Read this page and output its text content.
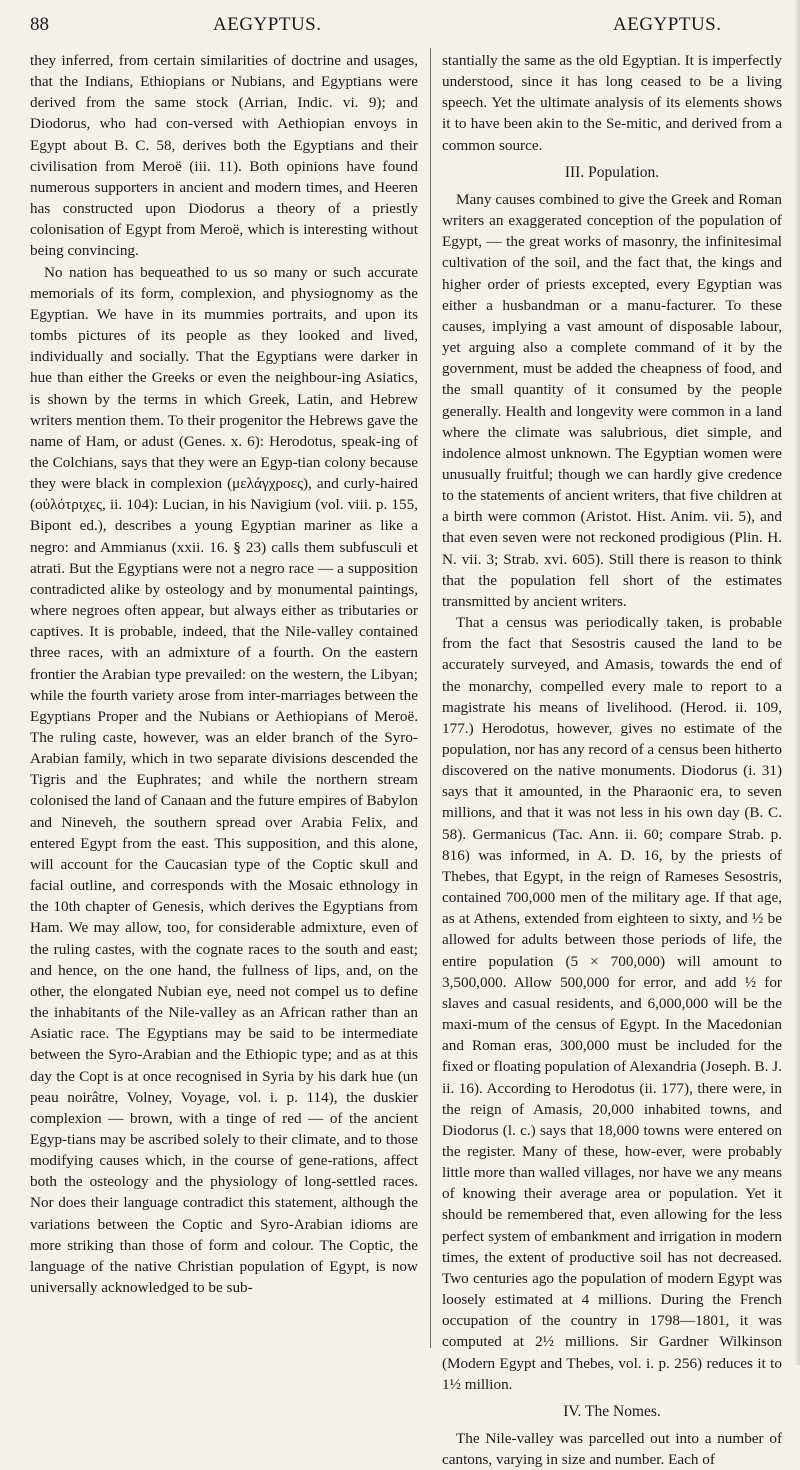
88	AEGYPTUS.	AEGYPTUS.

they inferred, from certain similarities of doctrine and usages, that the Indians, Ethiopians or Nubians, and Egyptians were derived from the same stock (Arrian, Indic. vi. 9); and Diodorus, who had con-versed with Aethiopian envoys in Egypt about B. C. 58, derives both the Egyptians and their civilisation from Meroë (iii. 11). Both opinions have found numerous supporters in ancient and modern times, and Heeren has constructed upon Diodorus a theory of a priestly colonisation of Egypt from Meroë, which is interesting without being convincing.

No nation has bequeathed to us so many or such accurate memorials of its form, complexion, and physiognomy as the Egyptian. We have in its mummies portraits, and upon its tombs pictures of its people as they looked and lived, individually and socially. That the Egyptians were darker in hue than either the Greeks or even the neighbour-ing Asiatics, is shown by the terms in which Greek, Latin, and Hebrew writers mention them. To their progenitor the Hebrews gave the name of Ham, or adust (Genes. x. 6): Herodotus, speak-ing of the Colchians, says that they were an Egyp-tian colony because they were black in complexion (μελάγχροες), and curly-haired (οὐλότριχες, ii. 104): Lucian, in his Navigium (vol. viii. p. 155, Bipont ed.), describes a young Egyptian mariner as like a negro: and Ammianus (xxii. 16. § 23) calls them subfusculi et atrati. But the Egyptians were not a negro race — a supposition contradicted alike by osteology and by monumental paintings, where negroes often appear, but always either as tributaries or captives. It is probable, indeed, that the Nile-valley contained three races, with an admixture of a fourth. On the eastern frontier the Arabian type prevailed: on the western, the Libyan; while the fourth variety arose from inter-marriages between the Egyptians Proper and the Nubians or Aethiopians of Meroë. The ruling caste, however, was an elder branch of the Syro-Arabian family, which in two separate divisions descended the Tigris and the Euphrates; and while the northern stream colonised the land of Canaan and the future empires of Babylon and Nineveh, the southern spread over Arabia Felix, and entered Egypt from the east. This supposition, and this alone, will account for the Caucasian type of the Coptic skull and facial outline, and corresponds with the Mosaic ethnology in the 10th chapter of Genesis, which derives the Egyptians from Ham. We may allow, too, for considerable admixture, even of the ruling castes, with the cognate races to the south and east; and hence, on the one hand, the fullness of lips, and, on the other, the elongated Nubian eye, need not compel us to define the inhabitants of the Nile-valley as an African rather than an Asiatic race. The Egyptians may be said to be intermediate between the Syro-Arabian and the Ethiopic type; and as at this day the Copt is at once recognised in Syria by his dark hue (un peau noirâtre, Volney, Voyage, vol. i. p. 114), the duskier complexion — brown, with a tinge of red — of the ancient Egyp-tians may be ascribed solely to their climate, and to those modifying causes which, in the course of gene-rations, affect both the osteology and the physiology of long-settled races. Nor does their language contradict this statement, although the variations between the Coptic and Syro-Arabian idioms are more striking than those of form and colour. The Coptic, the language of the native Christian population of Egypt, is now universally acknowledged to be sub-

stantially the same as the old Egyptian. It is imperfectly understood, since it has long ceased to be a living speech. Yet the ultimate analysis of its elements shows it to have been akin to the Se-mitic, and derived from a common source.

III. Population.

Many causes combined to give the Greek and Roman writers an exaggerated conception of the population of Egypt, — the great works of masonry, the infinitesimal cultivation of the soil, and the fact that, the kings and higher order of priests excepted, every Egyptian was either a husbandman or a manu-facturer. To these causes, implying a vast amount of disposable labour, yet arguing also a complete command of it by the government, must be added the cheapness of food, and the small quantity of it consumed by the people generally. Health and longevity were common in a land where the climate was salubrious, diet simple, and indolence almost unknown. The Egyptian women were unusually fruitful; though we can hardly give credence to the statements of ancient writers, that five children at a birth were common (Aristot. Hist. Anim. vii. 5), and that even seven were not reckoned prodigious (Plin. H. N. vii. 3; Strab. xvi. 605). Still there is reason to think that the population fell short of the estimates transmitted by ancient writers.

That a census was periodically taken, is probable from the fact that Sesostris caused the land to be accurately surveyed, and Amasis, towards the end of the monarchy, compelled every male to report to a magistrate his means of livelihood. (Herod. ii. 109, 177.) Herodotus, however, gives no estimate of the population, nor has any record of a census been hitherto discovered on the native monuments. Diodorus (i. 31) says that it amounted, in the Pharaonic era, to seven millions, and that it was not less in his own day (B. C. 58). Germanicus (Tac. Ann. ii. 60; compare Strab. p. 816) was informed, in A. D. 16, by the priests of Thebes, that Egypt, in the reign of Rameses Sesostris, contained 700,000 men of the military age. If that age, as at Athens, extended from eighteen to sixty, and ½ be allowed for adults between those periods of life, the entire population (5 × 700,000) will amount to 3,500,000. Allow 500,000 for error, and add ½ for slaves and casual residents, and 6,000,000 will be the maxi-mum of the census of Egypt. In the Macedonian and Roman eras, 300,000 must be included for the fixed or floating population of Alexandria (Joseph. B. J. ii. 16). According to Herodotus (ii. 177), there were, in the reign of Amasis, 20,000 inhabited towns, and Diodorus (l. c.) says that 18,000 towns were entered on the register. Many of these, how-ever, were probably little more than walled villages, nor have we any means of knowing their average area or population. Yet it should be remembered that, even allowing for the less perfect system of embankment and irrigation in modern times, the extent of productive soil has not decreased. Two centuries ago the population of modern Egypt was loosely estimated at 4 millions. During the French occupation of the country in 1798—1801, it was computed at 2½ millions. Sir Gardner Wilkinson (Modern Egypt and Thebes, vol. i. p. 256) reduces it to 1½ million.

IV. The Nomes.

The Nile-valley was parcelled out into a number of cantons, varying in size and number. Each of
